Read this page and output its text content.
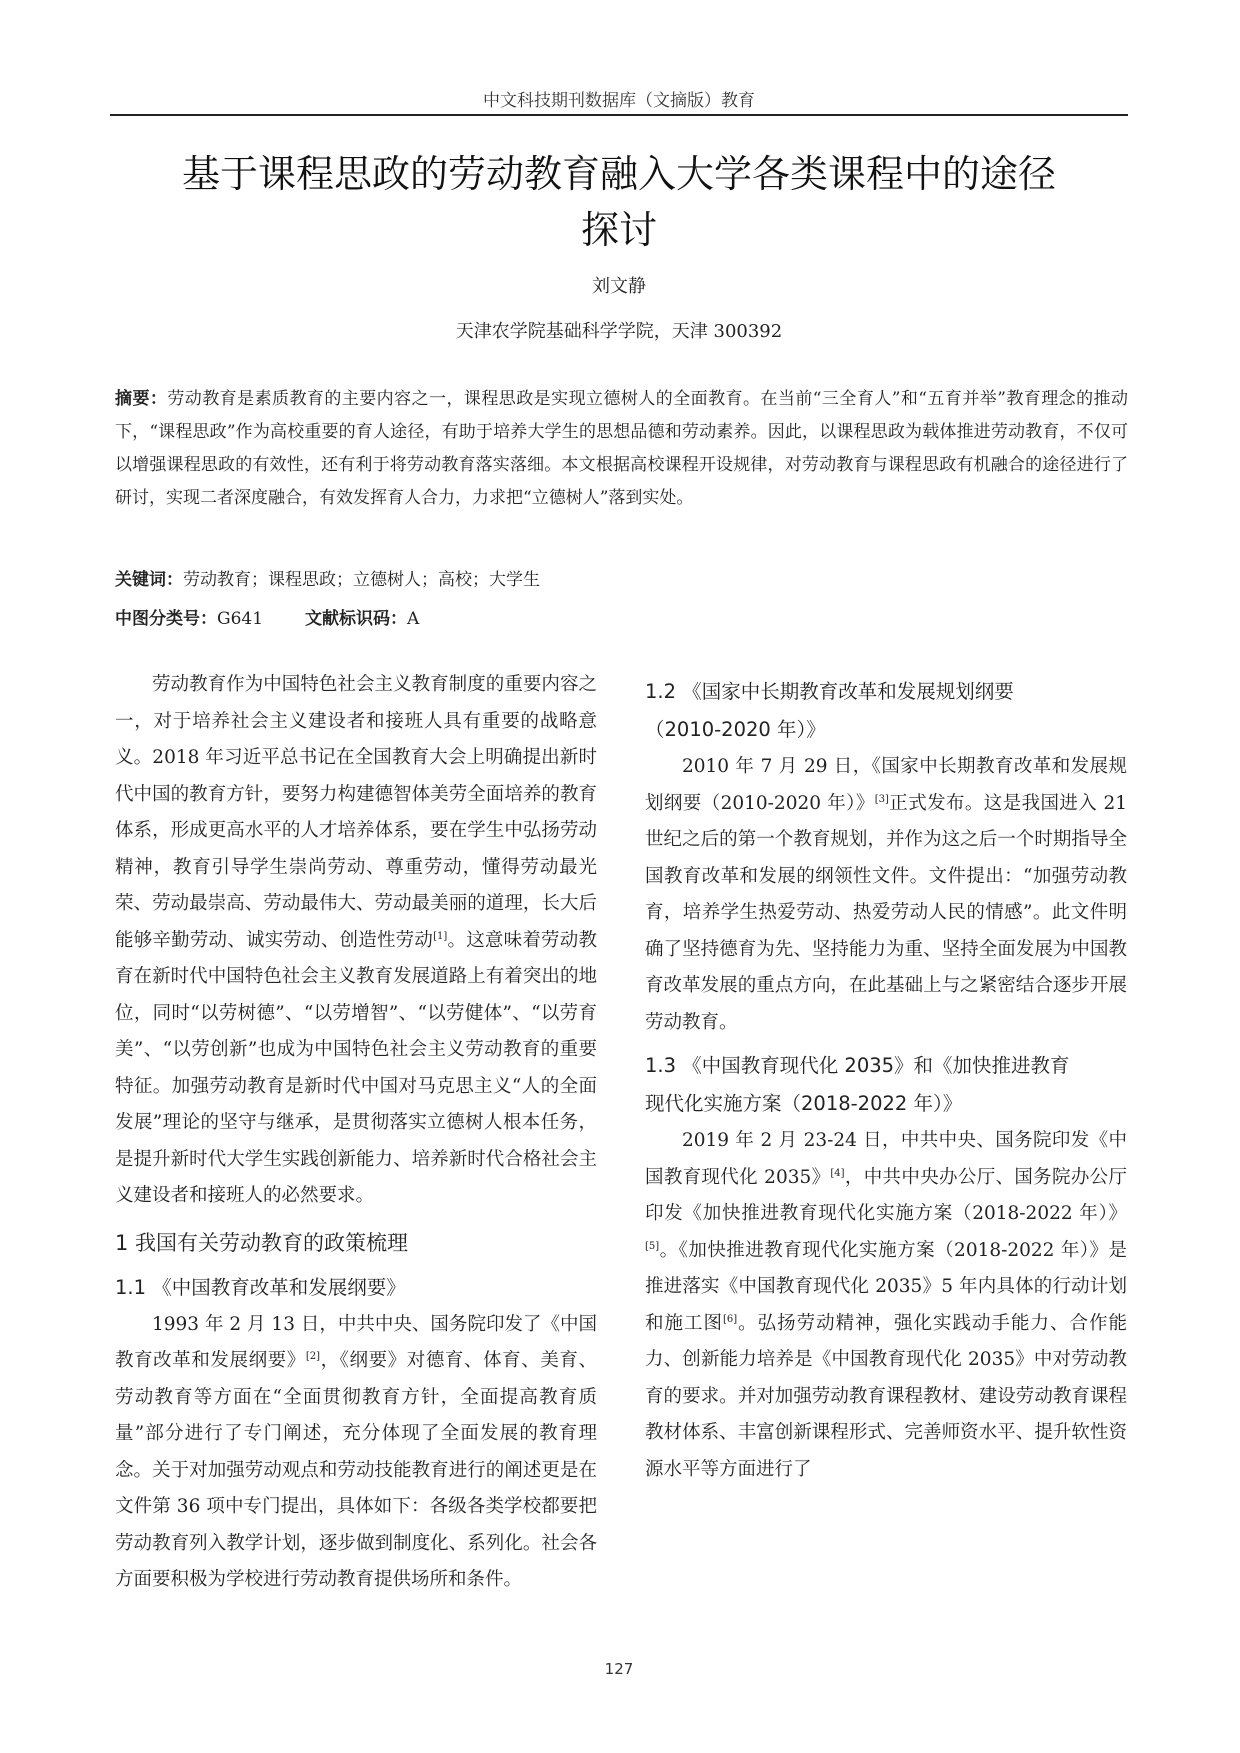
中文科技期刊数据库（文摘版）教育
基于课程思政的劳动教育融入大学各类课程中的途径
探讨
刘文静
天津农学院基础科学学院，天津 300392
摘要：劳动教育是素质教育的主要内容之一，课程思政是实现立德树人的全面教育。在当前“三全育人”和“五育并举”教育理念的推动下，“课程思政”作为高校重要的育人途径，有助于培养大学生的思想品德和劳动素养。因此，以课程思政为载体推进劳动教育，不仅可以增强课程思政的有效性，还有利于将劳动教育落实落细。本文根据高校课程开设规律，对劳动教育与课程思政有机融合的途径进行了研讨，实现二者深度融合，有效发挥育人合力，力求把“立德树人”落到实处。
关键词：劳动教育；课程思政；立德树人；高校；大学生
中图分类号：G641 文献标识码：A

劳动教育作为中国特色社会主义教育制度的重要内容之一，对于培养社会主义建设者和接班人具有重要的战略意义。2018 年习近平总书记在全国教育大会上明确提出新时代中国的教育方针，要努力构建德智体美劳全面培养的教育体系，形成更高水平的人才培养体系，要在学生中弘扬劳动精神，教育引导学生崇尚劳动、尊重劳动，懂得劳动最光荣、劳动最崇高、劳动最伟大、劳动最美丽的道理，长大后能够辛勤劳动、诚实劳动、创造性劳动[1]。这意味着劳动教育在新时代中国特色社会主义教育发展道路上有着突出的地位，同时“以劳树德”、“以劳增智”、“以劳健体”、“以劳育美”、“以劳创新”也成为中国特色社会主义劳动教育的重要特征。加强劳动教育是新时代中国对马克思主义“人的全面发展”理论的坚守与继承，是贯彻落实立德树人根本任务，是提升新时代大学生实践创新能力、培养新时代合格社会主义建设者和接班人的必然要求。

1 我国有关劳动教育的政策梳理
1.1 《中国教育改革和发展纲要》

1993 年 2 月 13 日，中共中央、国务院印发了《中国教育改革和发展纲要》[2]，《纲要》对德育、体育、美育、劳动教育等方面在“全面贯彻教育方针，全面提高教育质量”部分进行了专门阐述，充分体现了全面发展的教育理念。关于对加强劳动观点和劳动技能教育进行的阐述更是在文件第 36 项中专门提出，具体如下：各级各类学校都要把劳动教育列入教学计划，逐步做到制度化、系列化。社会各方面要积极为学校进行劳动教育提供场所和条件。

1.2 《国家中长期教育改革和发展规划纲要
（2010-2020 年）》

2010 年 7 月 29 日，《国家中长期教育改革和发展规划纲要（2010-2020 年）》[3]正式发布。这是我国进入 21 世纪之后的第一个教育规划，并作为这之后一个时期指导全国教育改革和发展的纲领性文件。文件提出：“加强劳动教育，培养学生热爱劳动、热爱劳动人民的情感”。此文件明确了坚持德育为先、坚持能力为重、坚持全面发展为中国教育改革发展的重点方向，在此基础上与之紧密结合逐步开展劳动教育。

1.3 《中国教育现代化 2035》和《加快推进教育
现代化实施方案（2018-2022 年）》

2019 年 2 月 23-24 日，中共中央、国务院印发《中国教育现代化 2035》[4]，中共中央办公厅、国务院办公厅印发《加快推进教育现代化实施方案（2018-2022 年）》[5]。《加快推进教育现代化实施方案（2018-2022 年）》是推进落实《中国教育现代化 2035》5 年内具体的行动计划和施工图[6]。弘扬劳动精神，强化实践动手能力、合作能力、创新能力培养是《中国教育现代化 2035》中对劳动教育的要求。并对加强劳动教育课程教材、建设劳动教育课程教材体系、丰富创新课程形式、完善师资水平、提升软性资源水平等方面进行了

127
